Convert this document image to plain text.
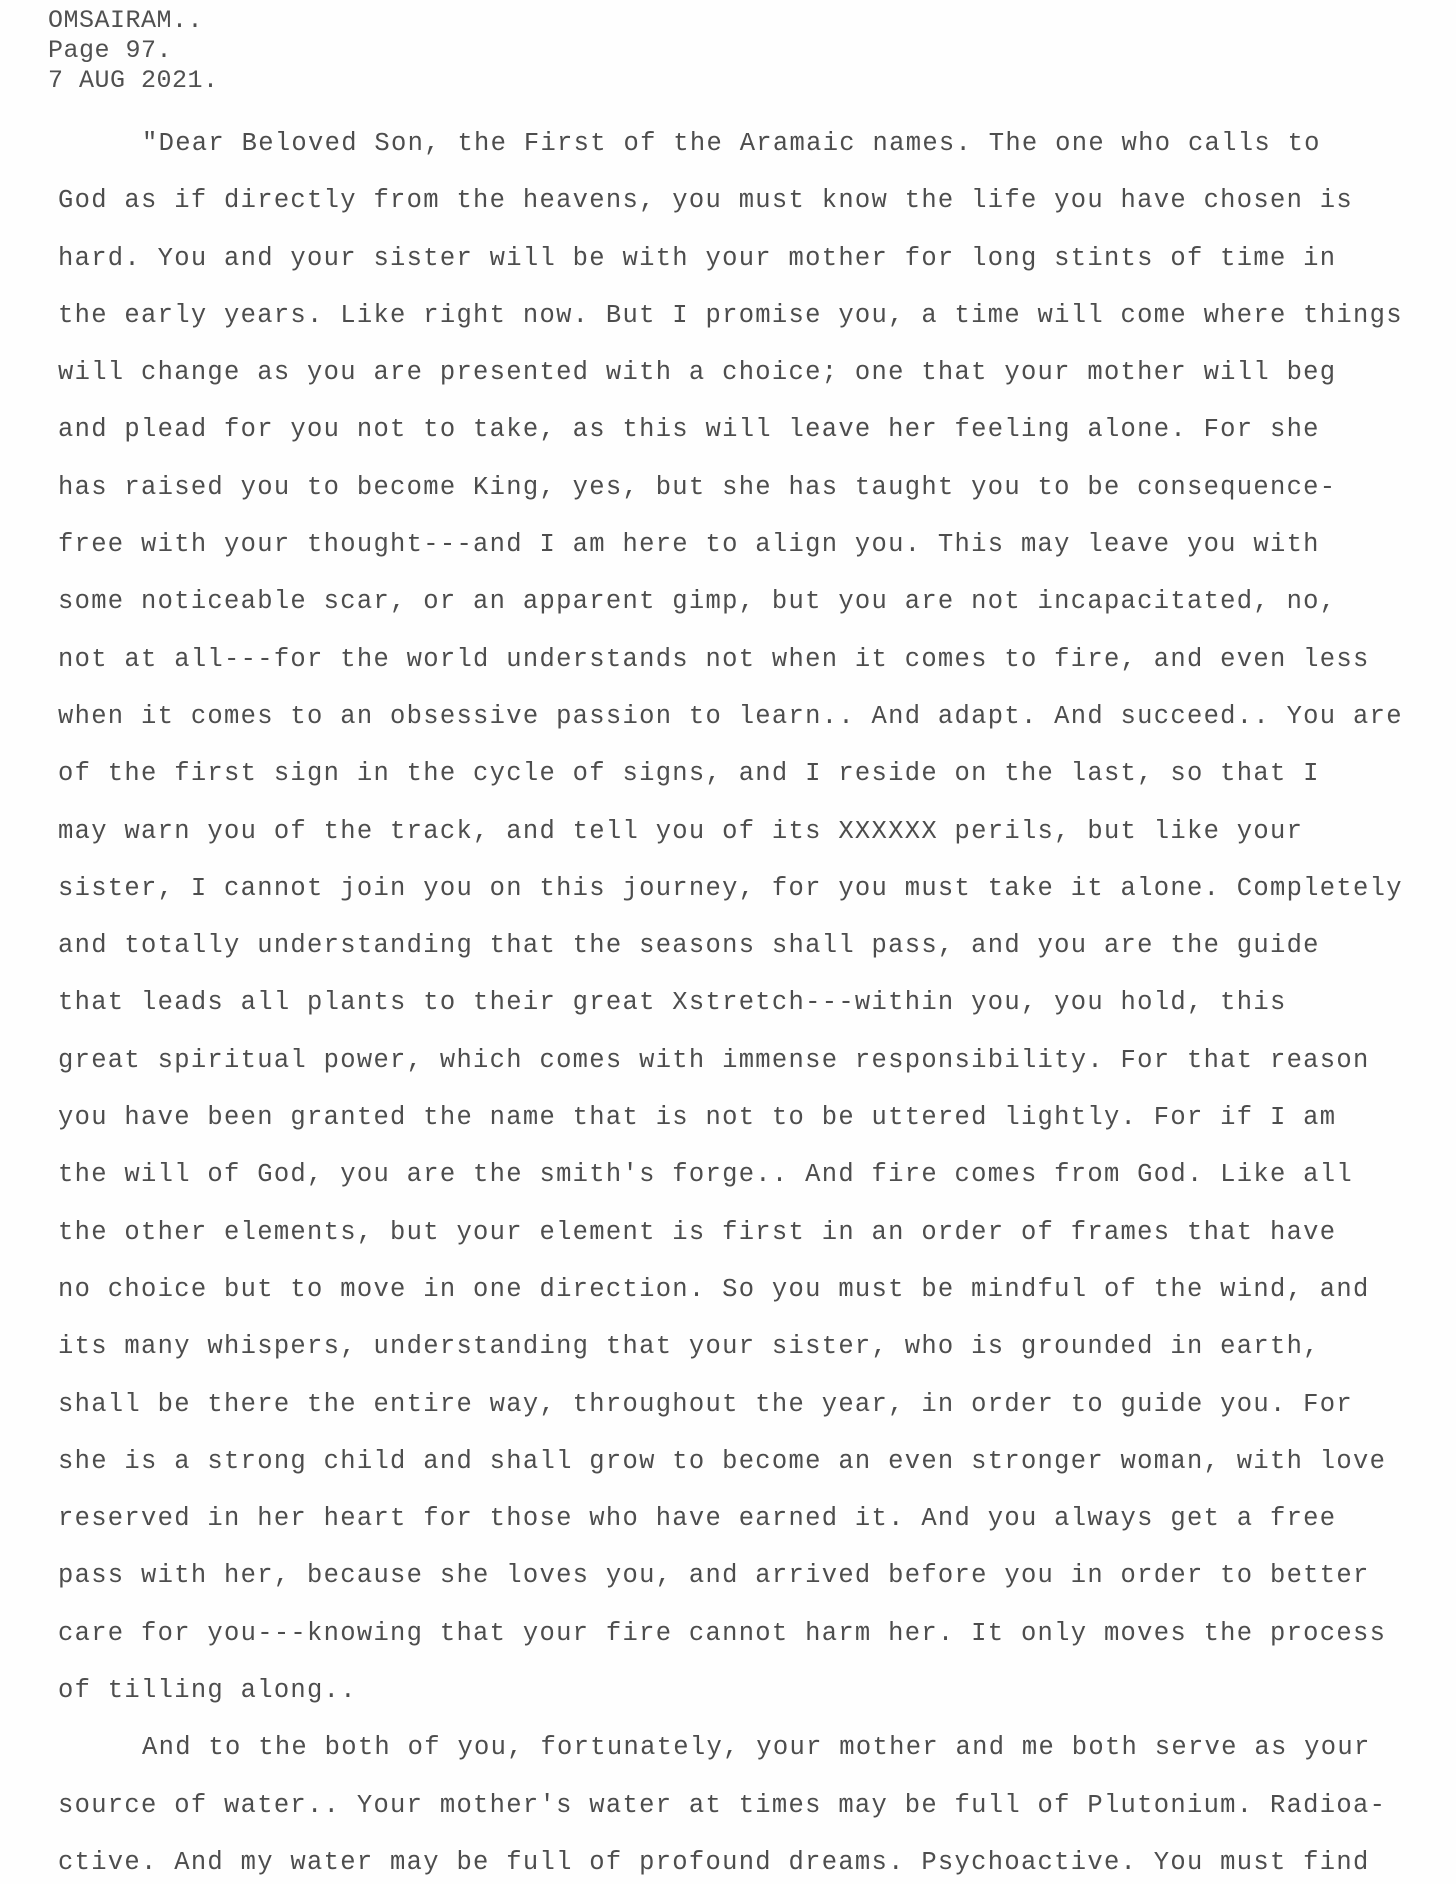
OMSAIRAM..
Page 97.
7 AUG 2021.
"Dear Beloved Son, the First of the Aramaic names. The one who calls to
God as if directly from the heavens, you must know the life you have chosen is
hard. You and your sister will be with your mother for long stints of time in
the early years. Like right now. But I promise you, a time will come where things
will change as you are presented with a choice; one that your mother will beg
and plead for you not to take, as this will leave her feeling alone. For she
has raised you to become King, yes, but she has taught you to be consequence-
free with your thought---and I am here to align you. This may leave you with
some noticeable scar, or an apparent gimp, but you are not incapacitated, no,
not at all---for the world understands not when it comes to fire, and even less
when it comes to an obsessive passion to learn.. And adapt. And succeed.. You are
of the first sign in the cycle of signs, and I reside on the last, so that I
may warn you of the track, and tell you of its XXXXXX perils, but like your
sister, I cannot join you on this journey, for you must take it alone. Completely
and totally understanding that the seasons shall pass, and you are the guide
that leads all plants to their great Xstretch---within you, you hold, this
great spiritual power, which comes with immense responsibility. For that reason
you have been granted the name that is not to be uttered lightly. For if I am
the will of God, you are the smith's forge.. And fire comes from God. Like all
the other elements, but your element is first in an order of frames that have
no choice but to move in one direction. So you must be mindful of the wind, and
its many whispers, understanding that your sister, who is grounded in earth,
shall be there the entire way, throughout the year, in order to guide you. For
she is a strong child and shall grow to become an even stronger woman, with love
reserved in her heart for those who have earned it. And you always get a free
pass with her, because she loves you, and arrived before you in order to better
care for you---knowing that your fire cannot harm her. It only moves the process
of tilling along..
And to the both of you, fortunately, your mother and me both serve as your
source of water.. Your mother's water at times may be full of Plutonium. Radioa-
ctive. And my water may be full of profound dreams. Psychoactive. You must find
